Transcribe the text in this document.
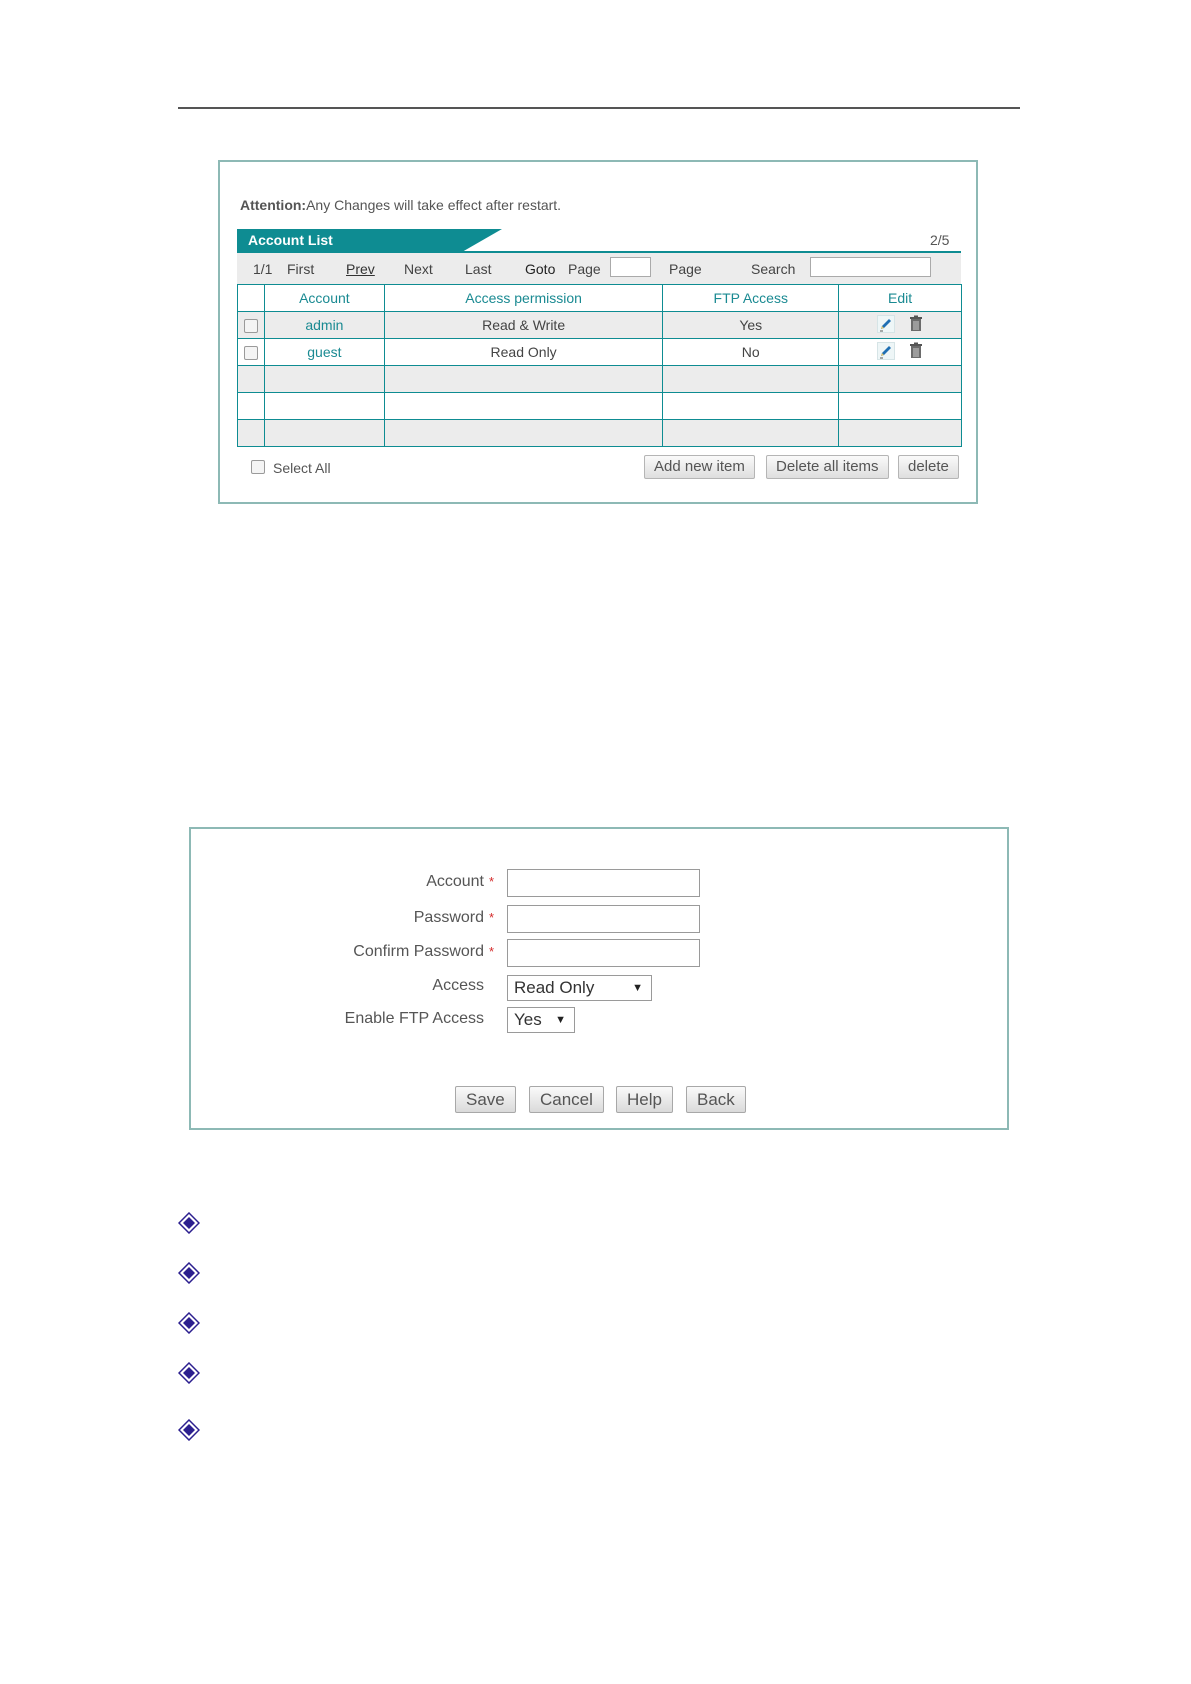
Attention:Any Changes will take effect after restart.
Account List	2/5
1/1 First Prev Next Last Goto Page	Page	Search
	Account	Access permission	FTP Access	Edit
	admin	Read & Write	Yes	

	guest	Read Only	No	

Select All	Add new item	Delete all items	delete
Account *
Password *
Confirm Password *
Access	Read Only	▼
Enable FTP Access	Yes ▼
Save	Cancel	Help	Back
